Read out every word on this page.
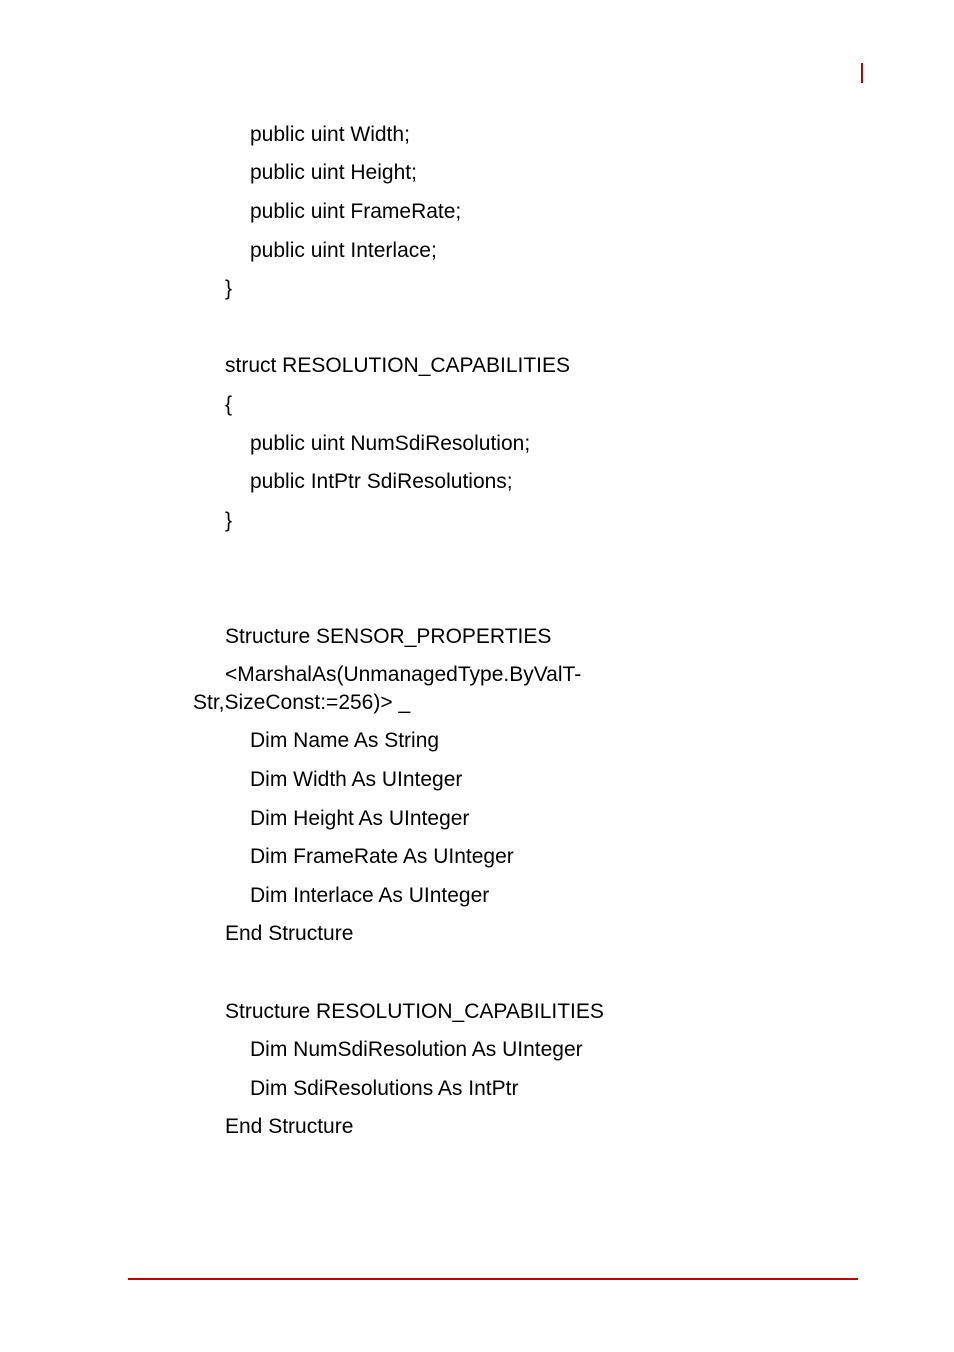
public uint Width;

public uint Height;

public uint FrameRate;

public uint Interlace;

}

struct RESOLUTION_CAPABILITIES

{

public uint NumSdiResolution;

public IntPtr SdiResolutions;

}

Structure SENSOR_PROPERTIES

<MarshalAs(UnmanagedType.ByValT-

Str,SizeConst:=256)> _

Dim Name As String

Dim Width As UInteger

Dim Height As UInteger

Dim FrameRate As UInteger

Dim Interlace As UInteger

End Structure

Structure RESOLUTION_CAPABILITIES

Dim NumSdiResolution As UInteger

Dim SdiResolutions As IntPtr

End Structure
